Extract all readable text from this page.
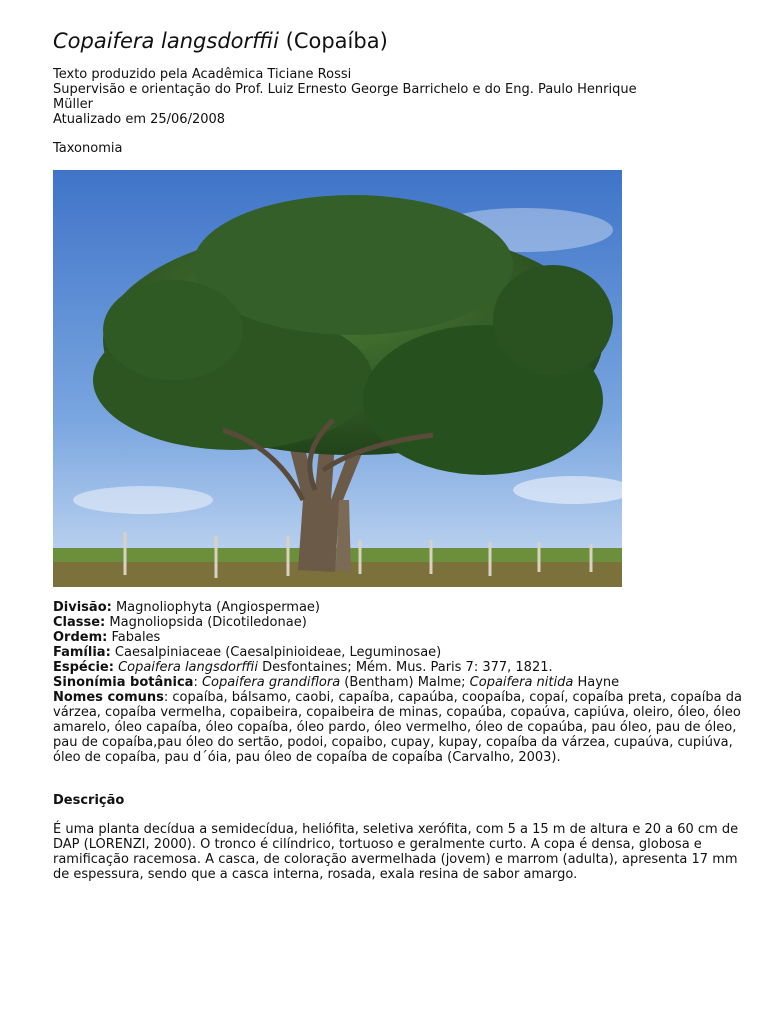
Copaifera langsdorffii (Copaíba)
Texto produzido pela Acadêmica Ticiane Rossi
Supervisão e orientação do Prof. Luiz Ernesto George Barrichelo e do Eng. Paulo Henrique
Müller
Atualizado em 25/06/2008
Taxonomia
Divisão: Magnoliophyta (Angiospermae)
Classe: Magnoliopsida (Dicotiledonae)
Ordem: Fabales
Família: Caesalpiniaceae (Caesalpinioideae, Leguminosae)
Espécie: Copaifera langsdorffii Desfontaines; Mém. Mus. Paris 7: 377, 1821.
Sinonímia botânica: Copaifera grandiflora (Bentham) Malme; Copaifera nitida Hayne
Nomes comuns: copaíba, bálsamo, caobi, capaíba, capaúba, coopaíba, copaí, copaíba preta, copaíba da várzea, copaíba vermelha, copaibeira, copaibeira de minas, copaúba, copaúva, capiúva, oleiro, óleo, óleo amarelo, óleo capaíba, óleo copaíba, óleo pardo, óleo vermelho, óleo de copaúba, pau óleo, pau de óleo, pau de copaíba,pau óleo do sertão, podoi, copaibo, cupay, kupay, copaíba da várzea, cupaúva, cupiúva, óleo de copaíba, pau d´óia, pau óleo de copaíba de copaíba (Carvalho, 2003).
Descrição
É uma planta decídua a semidecídua, heliófita, seletiva xerófita, com 5 a 15 m de altura e 20 a 60 cm de DAP (LORENZI, 2000). O tronco é cilíndrico, tortuoso e geralmente curto. A copa é densa, globosa e ramificação racemosa. A casca, de coloração avermelhada (jovem) e marrom (adulta), apresenta 17 mm de espessura, sendo que a casca interna, rosada, exala resina de sabor amargo.
